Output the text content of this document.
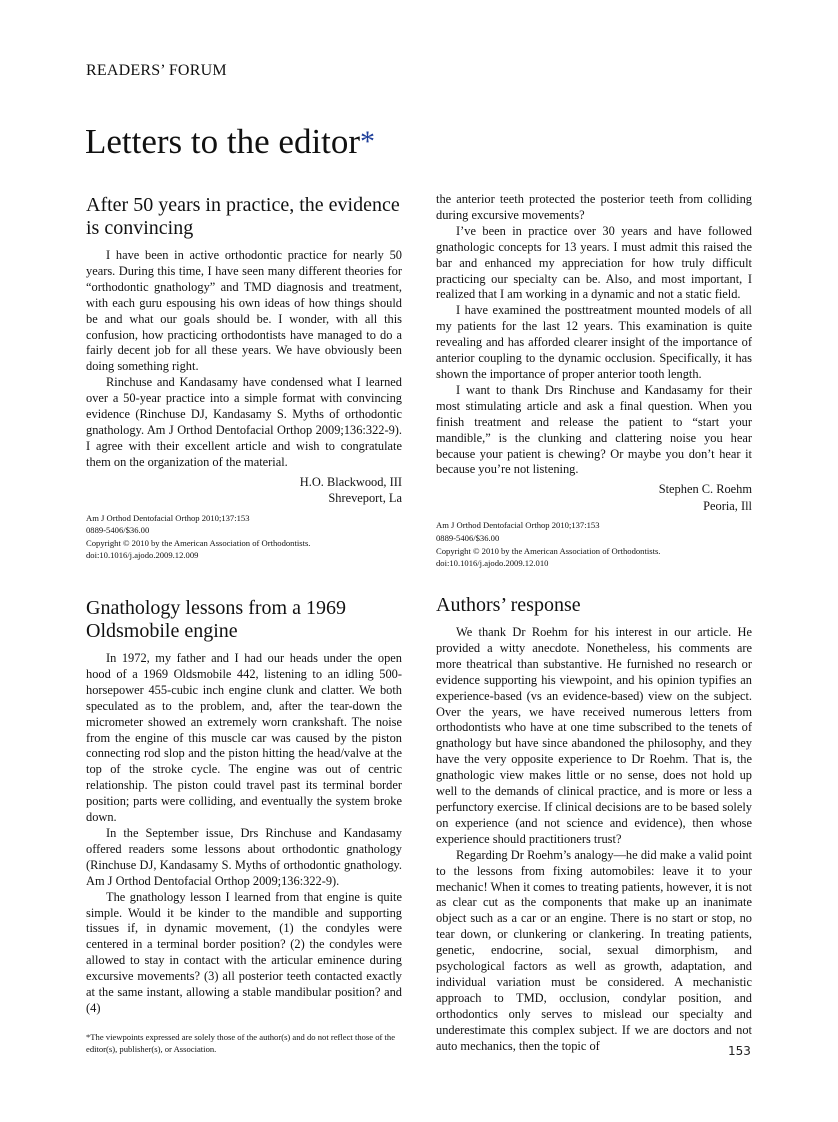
READERS’ FORUM
Letters to the editor*
After 50 years in practice, the evidence is convincing

I have been in active orthodontic practice for nearly 50 years. During this time, I have seen many different theories for “orthodontic gnathology” and TMD diagnosis and treatment, with each guru espousing his own ideas of how things should be and what our goals should be. I wonder, with all this confusion, how practicing orthodontists have managed to do a fairly decent job for all these years. We have obviously been doing something right.

Rinchuse and Kandasamy have condensed what I learned over a 50-year practice into a simple format with convincing evidence (Rinchuse DJ, Kandasamy S. Myths of orthodontic gnathology. Am J Orthod Dentofacial Orthop 2009;136:322-9). I agree with their excellent article and wish to congratulate them on the organization of the material.

H.O. Blackwood, III
Shreveport, La
Am J Orthod Dentofacial Orthop 2010;137:153
0889-5406/$36.00
Copyright © 2010 by the American Association of Orthodontists.
doi:10.1016/j.ajodo.2009.12.009
Gnathology lessons from a 1969 Oldsmobile engine

In 1972, my father and I had our heads under the open hood of a 1969 Oldsmobile 442, listening to an idling 500-horsepower 455-cubic inch engine clunk and clatter. We both speculated as to the problem, and, after the tear-down the micrometer showed an extremely worn crankshaft. The noise from the engine of this muscle car was caused by the piston connecting rod slop and the piston hitting the head/valve at the top of the stroke cycle. The engine was out of centric relationship. The piston could travel past its terminal border position; parts were colliding, and eventually the system broke down.

In the September issue, Drs Rinchuse and Kandasamy offered readers some lessons about orthodontic gnathology (Rinchuse DJ, Kandasamy S. Myths of orthodontic gnathology. Am J Orthod Dentofacial Orthop 2009;136:322-9).

The gnathology lesson I learned from that engine is quite simple. Would it be kinder to the mandible and supporting tissues if, in dynamic movement, (1) the condyles were centered in a terminal border position? (2) the condyles were allowed to stay in contact with the articular eminence during excursive movements? (3) all posterior teeth contacted exactly at the same instant, allowing a stable mandibular position? and (4)

*The viewpoints expressed are solely those of the author(s) and do not reflect those of the editor(s), publisher(s), or Association.

the anterior teeth protected the posterior teeth from colliding during excursive movements?

I’ve been in practice over 30 years and have followed gnathologic concepts for 13 years. I must admit this raised the bar and enhanced my appreciation for how truly difficult practicing our specialty can be. Also, and most important, I realized that I am working in a dynamic and not a static field.

I have examined the posttreatment mounted models of all my patients for the last 12 years. This examination is quite revealing and has afforded clearer insight of the importance of anterior coupling to the dynamic occlusion. Specifically, it has shown the importance of proper anterior tooth length.

I want to thank Drs Rinchuse and Kandasamy for their most stimulating article and ask a final question. When you finish treatment and release the patient to “start your mandible,” is the clunking and clattering noise you hear because your patient is chewing? Or maybe you don’t hear it because you’re not listening.

Stephen C. Roehm
Peoria, Ill
Am J Orthod Dentofacial Orthop 2010;137:153
0889-5406/$36.00
Copyright © 2010 by the American Association of Orthodontists.
doi:10.1016/j.ajodo.2009.12.010
Authors’ response

We thank Dr Roehm for his interest in our article. He provided a witty anecdote. Nonetheless, his comments are more theatrical than substantive. He furnished no research or evidence supporting his viewpoint, and his opinion typifies an experience-based (vs an evidence-based) view on the subject. Over the years, we have received numerous letters from orthodontists who have at one time subscribed to the tenets of gnathology but have since abandoned the philosophy, and they have the very opposite experience to Dr Roehm. That is, the gnathologic view makes little or no sense, does not hold up well to the demands of clinical practice, and is more or less a perfunctory exercise. If clinical decisions are to be based solely on experience (and not science and evidence), then whose experience should practitioners trust?

Regarding Dr Roehm’s analogy—he did make a valid point to the lessons from fixing automobiles: leave it to your mechanic! When it comes to treating patients, however, it is not as clear cut as the components that make up an inanimate object such as a car or an engine. There is no start or stop, no tear down, or clunkering or clankering. In treating patients, genetic, endocrine, social, sexual dimorphism, and psychological factors as well as growth, adaptation, and individual variation must be considered. A mechanistic approach to TMD, occlusion, condylar position, and orthodontics only serves to mislead our specialty and underestimate this complex subject. If we are doctors and not auto mechanics, then the topic of	153
